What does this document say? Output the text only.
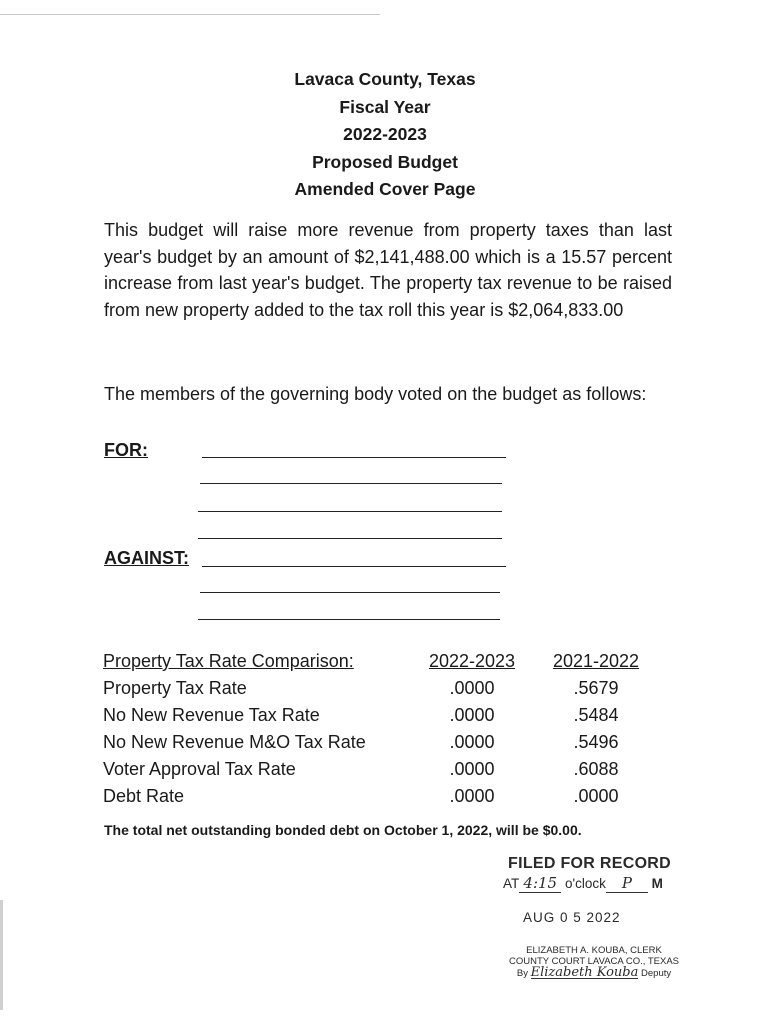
Lavaca County, Texas
Fiscal Year
2022-2023
Proposed Budget
Amended Cover Page

This budget will raise more revenue from property taxes than last year's budget by an amount of $2,141,488.00 which is a 15.57 percent increase from last year's budget. The property tax revenue to be raised from new property added to the tax roll this year is $2,064,833.00

The members of the governing body voted on the budget as follows:

FOR:
AGAINST:
Property Tax Rate Comparison:	2022-2023	2021-2022
Property Tax Rate	.0000	.5679
No New Revenue Tax Rate	.0000	.5484
No New Revenue M&O Tax Rate	.0000	.5496
Voter Approval Tax Rate	.0000	.6088
Debt Rate	.0000	.0000

The total net outstanding bonded debt on October 1, 2022, will be $0.00.

FILED FOR RECORD
AT 4:15 o'clock P M
AUG 0 5 2022
ELIZABETH A. KOUBA, CLERK
COUNTY COURT LAVACA CO., TEXAS
By Elizabeth Kouba Deputy
